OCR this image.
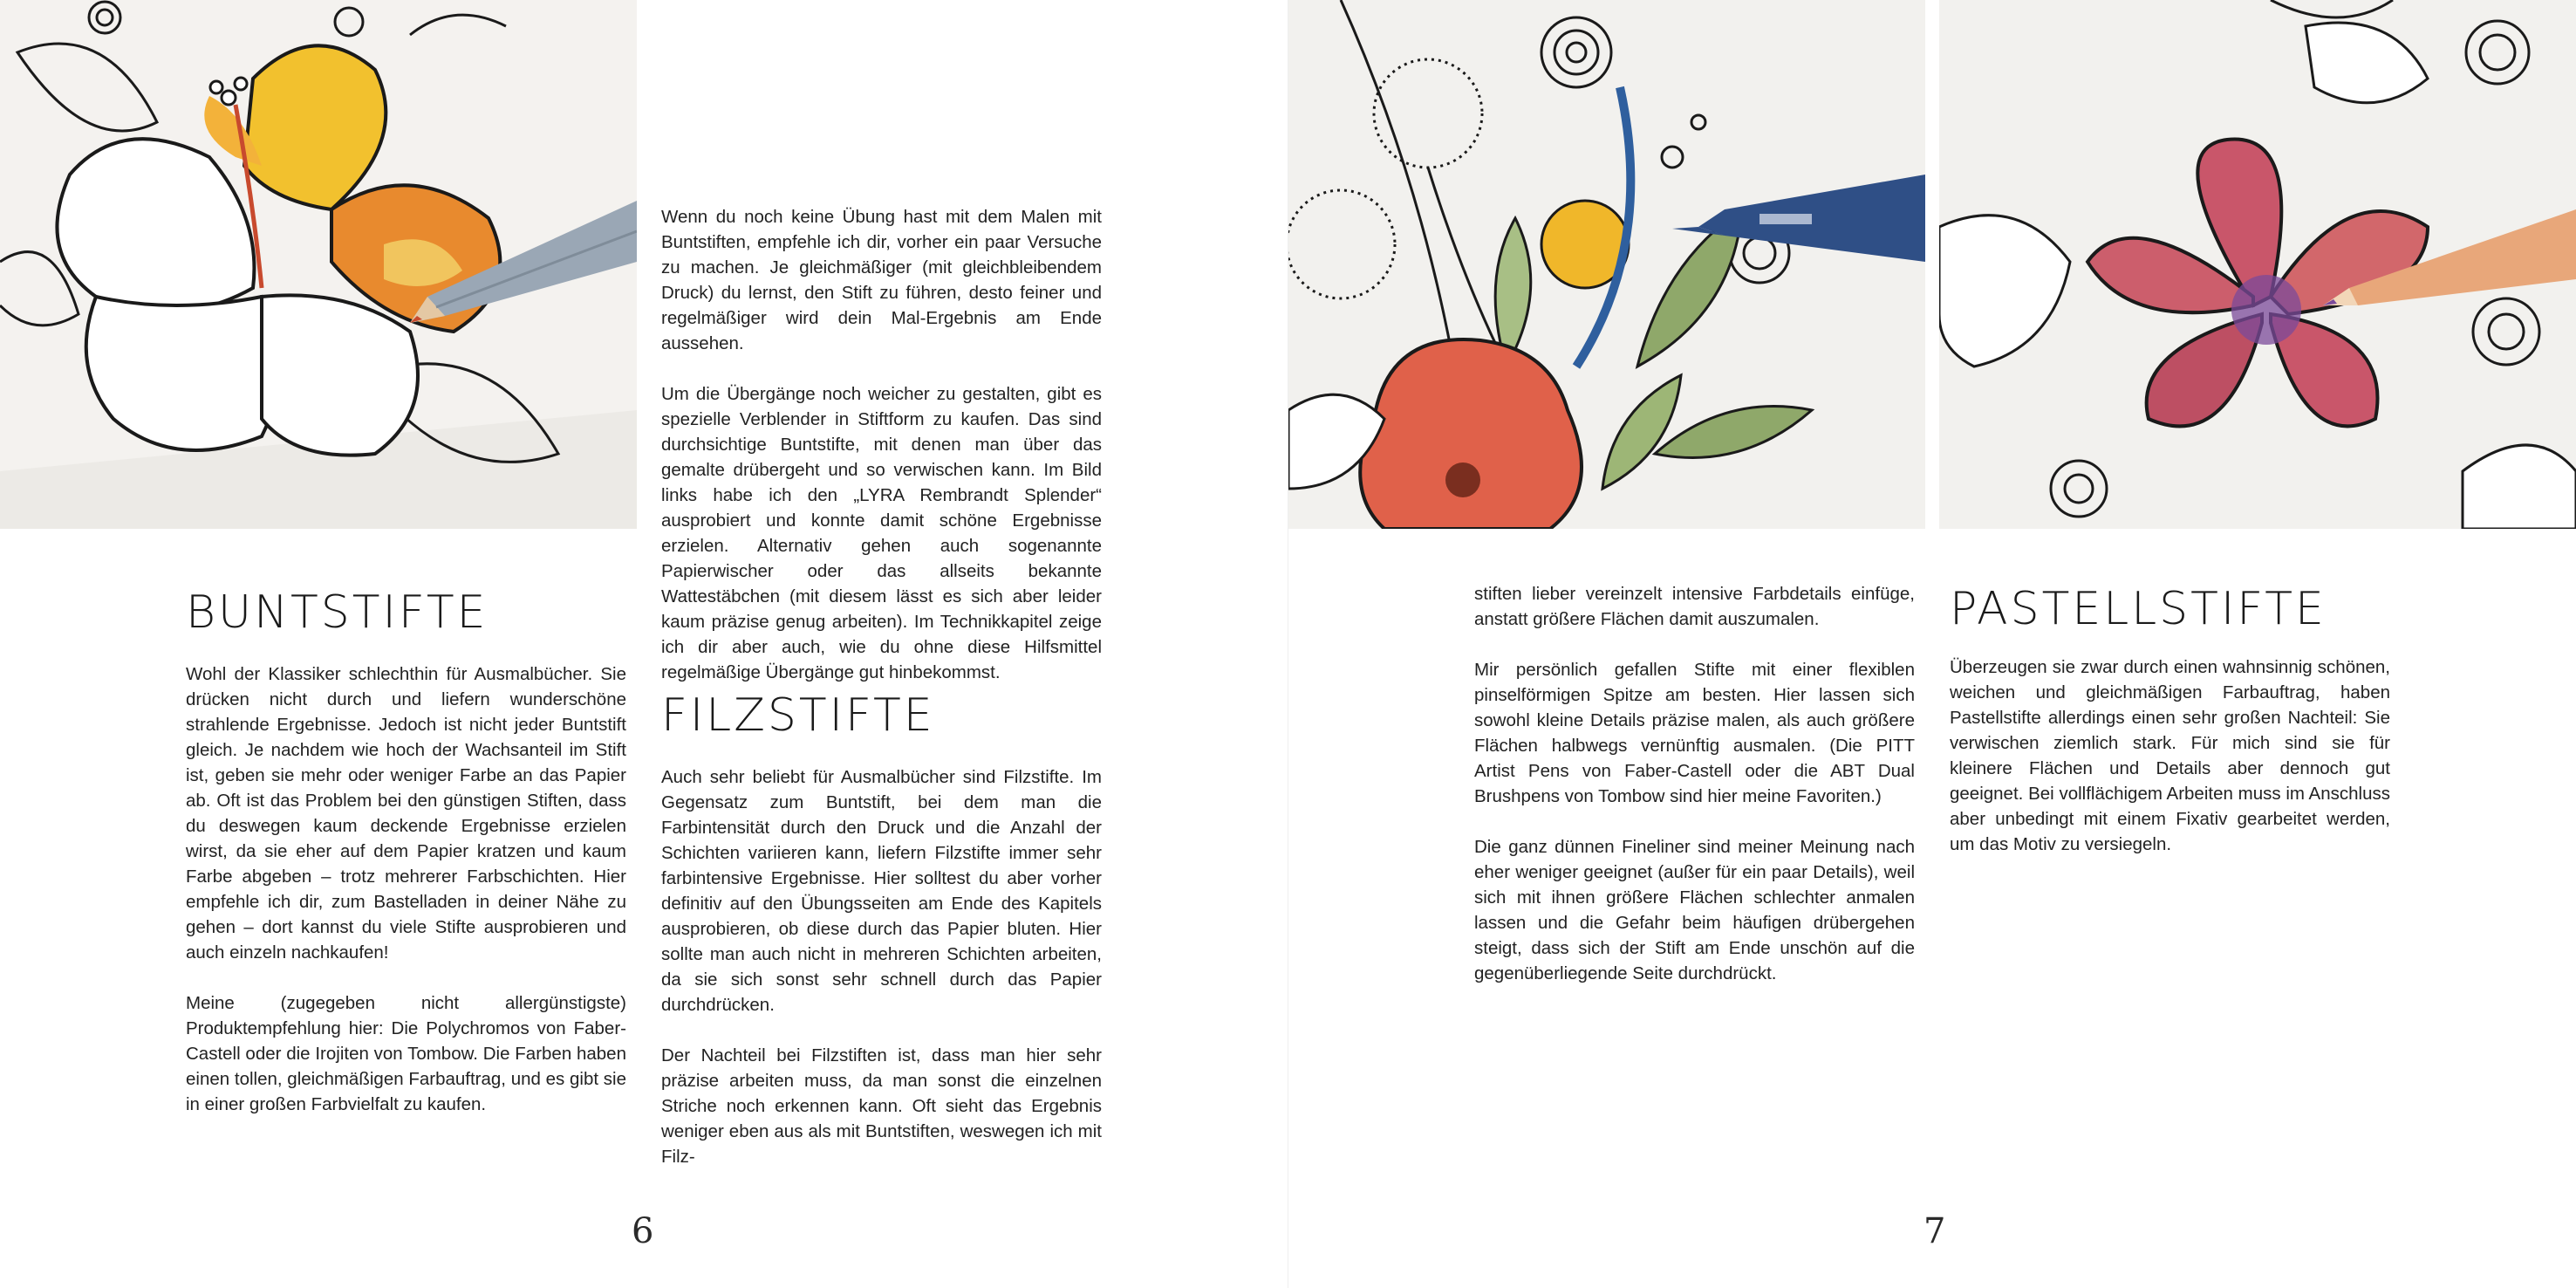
Wenn du noch keine Übung hast mit dem Malen mit Buntstiften, empfehle ich dir, vorher ein paar Versuche zu machen. Je gleichmäßiger (mit gleichbleibendem Druck) du lernst, den Stift zu führen, desto feiner und regelmäßiger wird dein Mal-Ergebnis am Ende aussehen.

Um die Übergänge noch weicher zu gestalten, gibt es spezielle Verblender in Stiftform zu kaufen. Das sind durchsichtige Buntstifte, mit denen man über das gemalte drübergeht und so verwischen kann. Im Bild links habe ich den „LYRA Rembrandt Splender“ ausprobiert und konnte damit schöne Ergebnisse erzielen. Alternativ gehen auch sogenannte Papierwischer oder das allseits bekannte Wattestäbchen (mit diesem lässt es sich aber leider kaum präzise genug arbeiten). Im Technikkapitel zeige ich dir aber auch, wie du ohne diese Hilfsmittel regelmäßige Übergänge gut hinbekommst.

BUNTSTIFTE

Wohl der Klassiker schlechthin für Ausmalbücher. Sie drücken nicht durch und liefern wunderschöne strahlende Ergebnisse. Jedoch ist nicht jeder Buntstift gleich. Je nachdem wie hoch der Wachsanteil im Stift ist, geben sie mehr oder weniger Farbe an das Papier ab. Oft ist das Problem bei den günstigen Stiften, dass du deswegen kaum deckende Ergebnisse erzielen wirst, da sie eher auf dem Papier kratzen und kaum Farbe abgeben – trotz mehrerer Farbschichten. Hier empfehle ich dir, zum Bastelladen in deiner Nähe zu gehen – dort kannst du viele Stifte ausprobieren und auch einzeln nachkaufen!

Meine (zugegeben nicht allergünstigste) Produktempfehlung hier: Die Polychromos von Faber-Castell oder die Irojiten von Tombow. Die Farben haben einen tollen, gleichmäßigen Farbauftrag, und es gibt sie in einer großen Farbvielfalt zu kaufen.

FILZSTIFTE

Auch sehr beliebt für Ausmalbücher sind Filzstifte. Im Gegensatz zum Buntstift, bei dem man die Farbintensität durch den Druck und die Anzahl der Schichten variieren kann, liefern Filzstifte immer sehr farbintensive Ergebnisse. Hier solltest du aber vorher definitiv auf den Übungsseiten am Ende des Kapitels ausprobieren, ob diese durch das Papier bluten. Hier sollte man auch nicht in mehreren Schichten arbeiten, da sie sich sonst sehr schnell durch das Papier durchdrücken.

Der Nachteil bei Filzstiften ist, dass man hier sehr präzise arbeiten muss, da man sonst die einzelnen Striche noch erkennen kann. Oft sieht das Ergebnis weniger eben aus als mit Buntstiften, weswegen ich mit Filz-

6

stiften lieber vereinzelt intensive Farbdetails einfüge, anstatt größere Flächen damit auszumalen.

Mir persönlich gefallen Stifte mit einer flexiblen pinselförmigen Spitze am besten. Hier lassen sich sowohl kleine Details präzise malen, als auch größere Flächen halbwegs vernünftig ausmalen. (Die PITT Artist Pens von Faber-Castell oder die ABT Dual Brushpens von Tombow sind hier meine Favoriten.)

Die ganz dünnen Fineliner sind meiner Meinung nach eher weniger geeignet (außer für ein paar Details), weil sich mit ihnen größere Flächen schlechter anmalen lassen und die Gefahr beim häufigen drübergehen steigt, dass sich der Stift am Ende unschön auf die gegenüberliegende Seite durchdrückt.

PASTELLSTIFTE

Überzeugen sie zwar durch einen wahnsinnig schönen, weichen und gleichmäßigen Farbauftrag, haben Pastellstifte allerdings einen sehr großen Nachteil: Sie verwischen ziemlich stark. Für mich sind sie für kleinere Flächen und Details aber dennoch gut geeignet. Bei vollflächigem Arbeiten muss im Anschluss aber unbedingt mit einem Fixativ gearbeitet werden, um das Motiv zu versiegeln.

7
